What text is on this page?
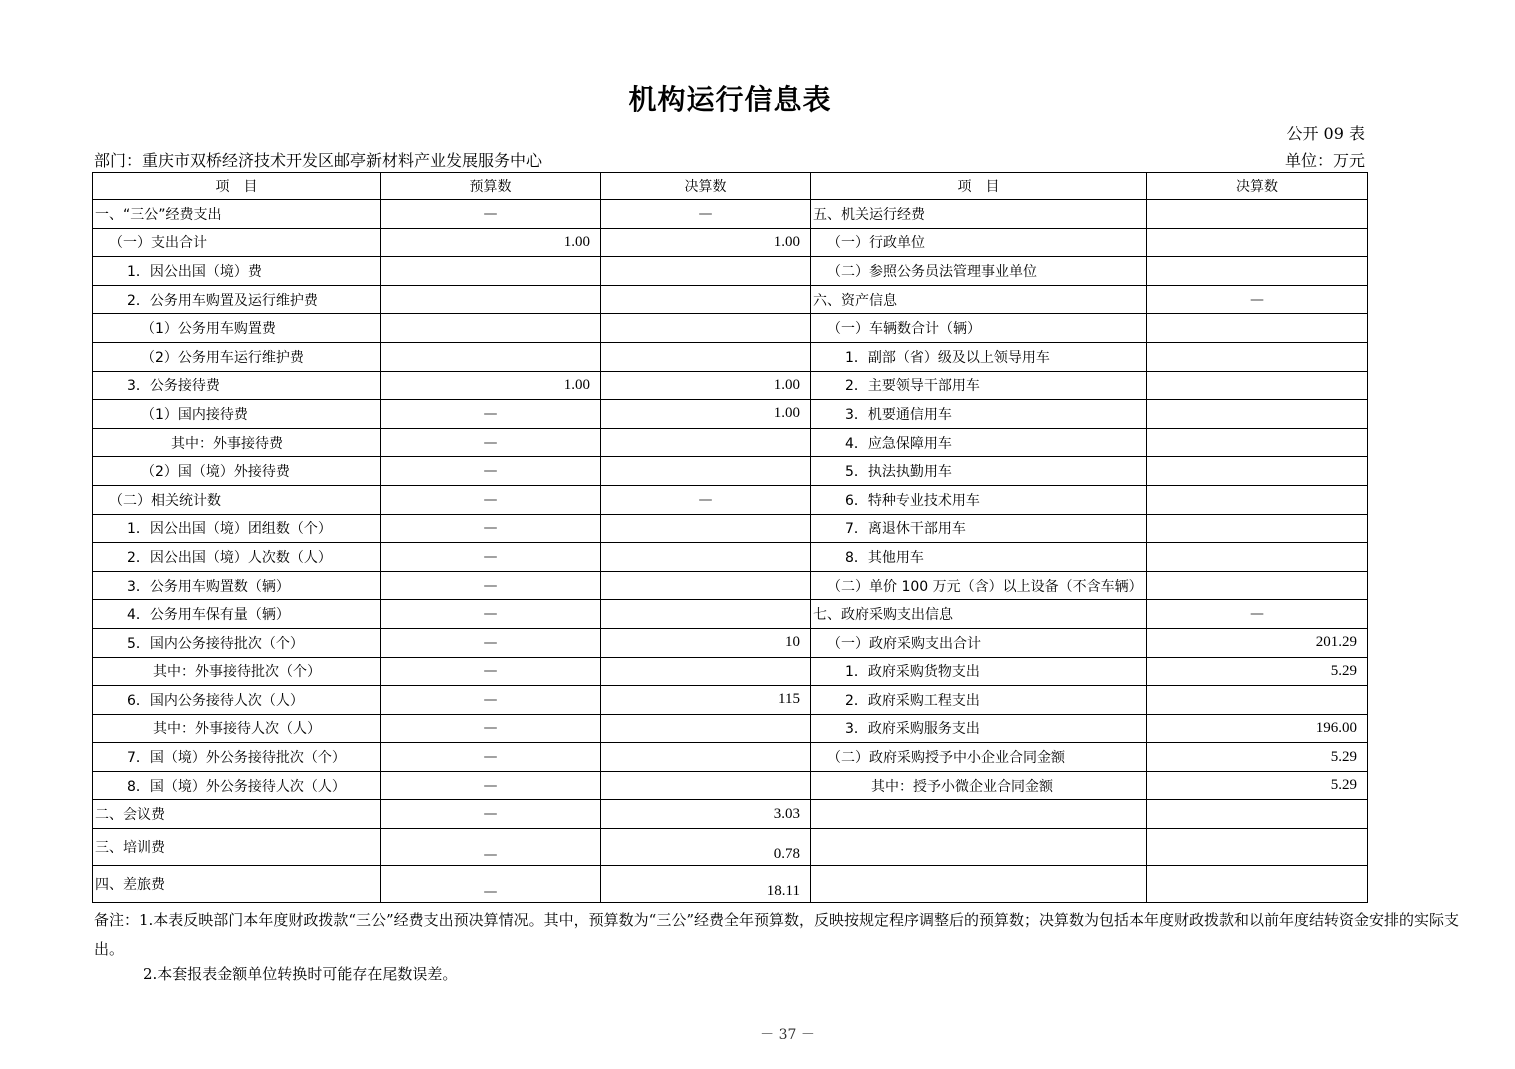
机构运行信息表
公开 09 表
部门：重庆市双桥经济技术开发区邮亭新材料产业发展服务中心	单位：万元
项　目	预算数	决算数	项　目	决算数
一、“三公”经费支出	—	—	五、机关运行经费	
（一）支出合计	1.00	1.00	（一）行政单位	
1．因公出国（境）费			（二）参照公务员法管理事业单位	
2．公务用车购置及运行维护费			六、资产信息	—
（1）公务用车购置费			（一）车辆数合计（辆）	
（2）公务用车运行维护费			1．副部（省）级及以上领导用车	
3．公务接待费	1.00	1.00	2．主要领导干部用车	
（1）国内接待费	—	1.00	3．机要通信用车	
其中：外事接待费	—		4．应急保障用车	
（2）国（境）外接待费	—		5．执法执勤用车	
（二）相关统计数	—	—	6．特种专业技术用车	
1．因公出国（境）团组数（个）	—		7．离退休干部用车	
2．因公出国（境）人次数（人）	—		8．其他用车	
3．公务用车购置数（辆）	—		（二）单价 100 万元（含）以上设备（不含车辆）	
4．公务用车保有量（辆）	—		七、政府采购支出信息	—
5．国内公务接待批次（个）	—	10	（一）政府采购支出合计	201.29
其中：外事接待批次（个）	—		1．政府采购货物支出	5.29
6．国内公务接待人次（人）	—	115	2．政府采购工程支出	
其中：外事接待人次（人）	—		3．政府采购服务支出	196.00
7．国（境）外公务接待批次（个）	—		（二）政府采购授予中小企业合同金额	5.29
8．国（境）外公务接待人次（人）	—		其中：授予小微企业合同金额	5.29
二、会议费	—	3.03		
三、培训费	—	0.78		
四、差旅费	—	18.11		
备注：1.本表反映部门本年度财政拨款“三公”经费支出预决算情况。其中，预算数为“三公”经费全年预算数，反映按规定程序调整后的预算数；决算数为包括本年度财政拨款和以前年度结转资金安排的实际支出。
2.本套报表金额单位转换时可能存在尾数误差。
－ 37 －
